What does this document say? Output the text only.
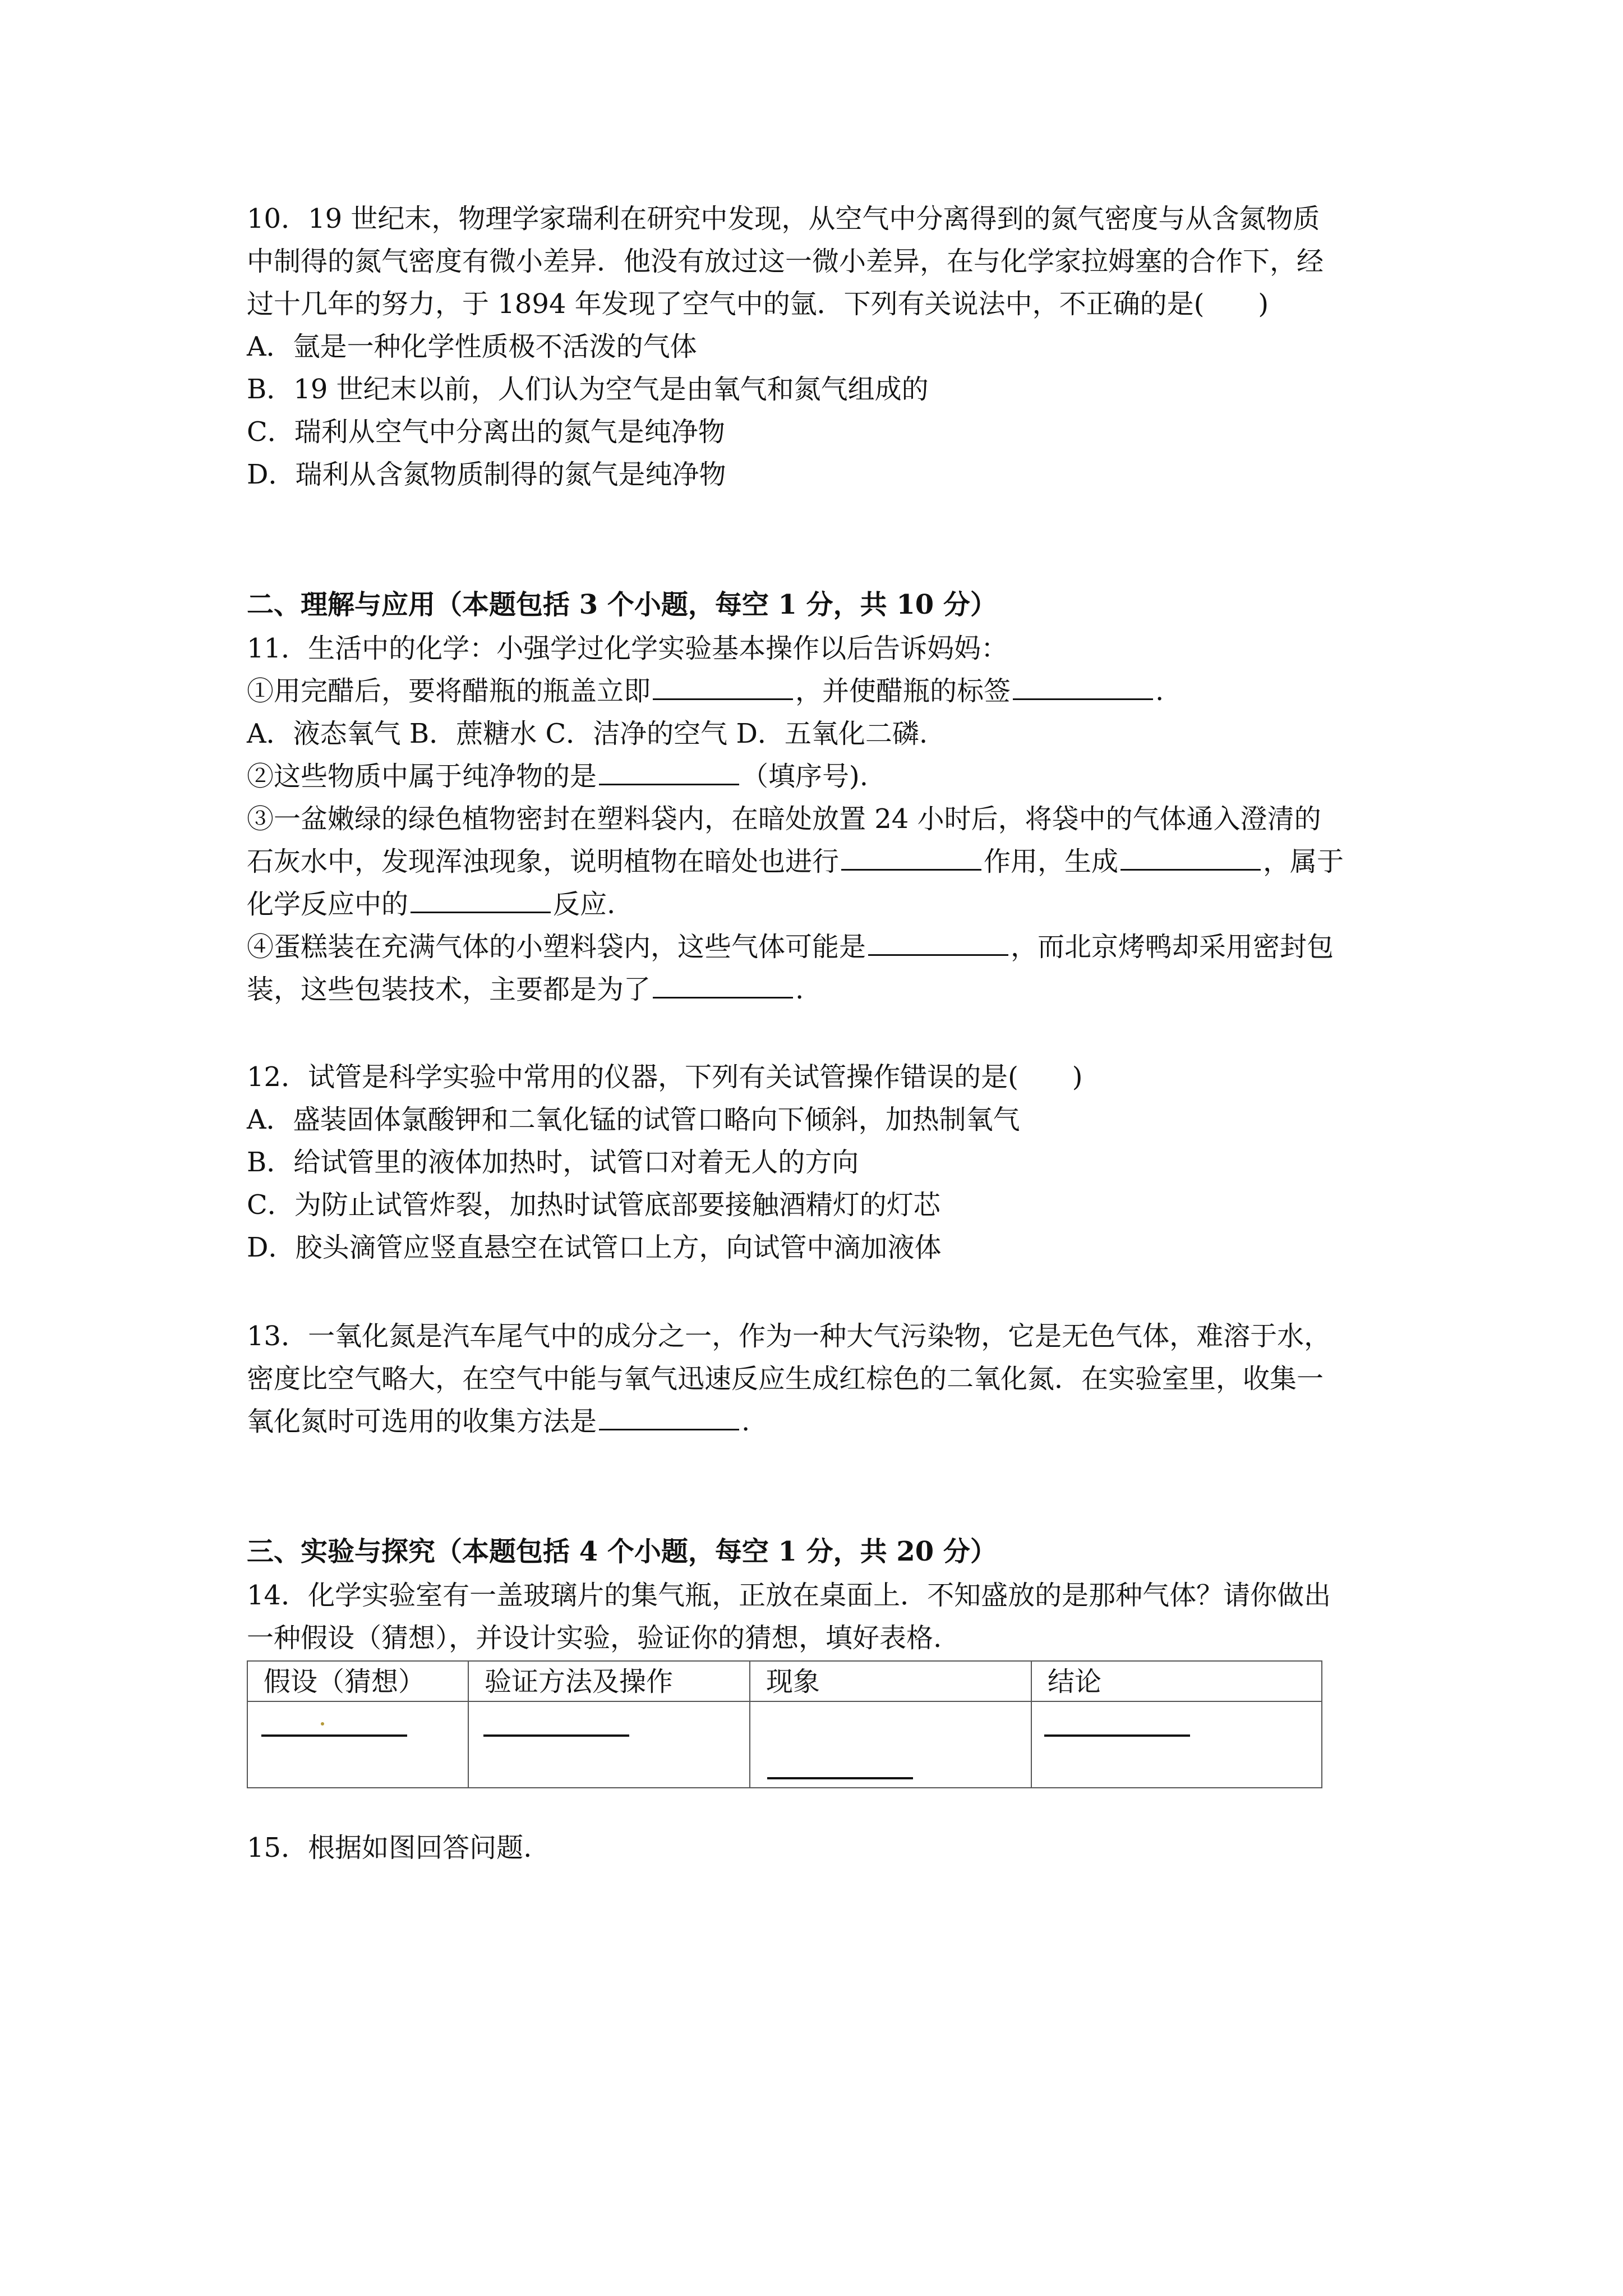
10．19 世纪末，物理学家瑞利在研究中发现，从空气中分离得到的氮气密度与从含氮物质
中制得的氮气密度有微小差异．他没有放过这一微小差异，在与化学家拉姆塞的合作下，经
过十几年的努力，于 1894 年发现了空气中的氩．下列有关说法中，不正确的是(　　)
A．氩是一种化学性质极不活泼的气体
B．19 世纪末以前，人们认为空气是由氧气和氮气组成的
C．瑞利从空气中分离出的氮气是纯净物
D．瑞利从含氮物质制得的氮气是纯净物
二、理解与应用（本题包括 3 个小题，每空 1 分，共 10 分）
11．生活中的化学：小强学过化学实验基本操作以后告诉妈妈：
①用完醋后，要将醋瓶的瓶盖立即	，并使醋瓶的标签	.
A．液态氧气 B．蔗糖水 C．洁净的空气 D．五氧化二磷.
②这些物质中属于纯净物的是	（填序号).
③一盆嫩绿的绿色植物密封在塑料袋内，在暗处放置 24 小时后，将袋中的气体通入澄清的
石灰水中，发现浑浊现象，说明植物在暗处也进行	作用，生成	，属于
化学反应中的	反应.
④蛋糕装在充满气体的小塑料袋内，这些气体可能是	，而北京烤鸭却采用密封包
装，这些包装技术，主要都是为了	.
12．试管是科学实验中常用的仪器，下列有关试管操作错误的是(　　)
A．盛装固体氯酸钾和二氧化锰的试管口略向下倾斜，加热制氧气
B．给试管里的液体加热时，试管口对着无人的方向
C．为防止试管炸裂，加热时试管底部要接触酒精灯的灯芯
D．胶头滴管应竖直悬空在试管口上方，向试管中滴加液体
13．一氧化氮是汽车尾气中的成分之一，作为一种大气污染物，它是无色气体，难溶于水，
密度比空气略大，在空气中能与氧气迅速反应生成红棕色的二氧化氮．在实验室里，收集一
氧化氮时可选用的收集方法是	.
三、实验与探究（本题包括 4 个小题，每空 1 分，共 20 分）
14．化学实验室有一盖玻璃片的集气瓶，正放在桌面上．不知盛放的是那种气体？请你做出
一种假设（猜想），并设计实验，验证你的猜想，填好表格.
假设（猜想）	验证方法及操作	现象	结论
15．根据如图回答问题.
